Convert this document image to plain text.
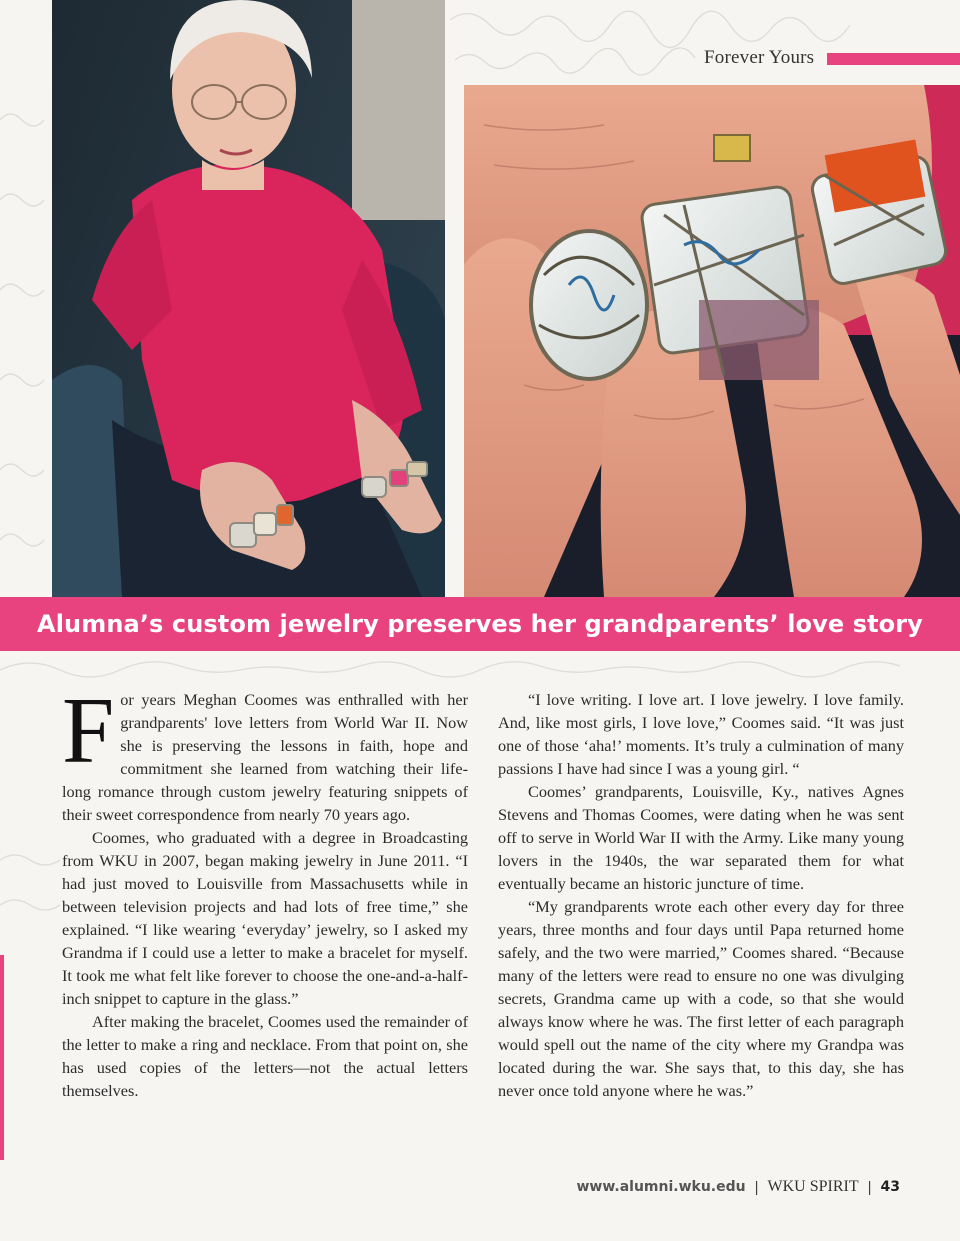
Forever Yours
Alumna’s custom jewelry preserves her grandparents’ love story

For years Meghan Coomes was enthralled with her grandparents' love letters from World War II. Now she is preserving the lessons in faith, hope and commitment she learned from watching their lifelong romance through custom jewelry featuring snippets of their sweet correspondence from nearly 70 years ago.

Coomes, who graduated with a degree in Broadcasting from WKU in 2007, began making jewelry in June 2011. “I had just moved to Louisville from Massachusetts while in between television projects and had lots of free time,” she explained. “I like wearing ‘everyday’ jewelry, so I asked my Grandma if I could use a letter to make a bracelet for myself. It took me what felt like forever to choose the one-and-a-half-inch snippet to capture in the glass.”

After making the bracelet, Coomes used the remainder of the letter to make a ring and necklace. From that point on, she has used copies of the letters—not the actual letters themselves.

“I love writing. I love art. I love jewelry. I love family. And, like most girls, I love love,” Coomes said. “It was just one of those ‘aha!’ moments. It’s truly a culmination of many passions I have had since I was a young girl. “

Coomes’ grandparents, Louisville, Ky., natives Agnes Stevens and Thomas Coomes, were dating when he was sent off to serve in World War II with the Army. Like many young lovers in the 1940s, the war separated them for what eventually became an historic juncture of time.

“My grandparents wrote each other every day for three years, three months and four days until Papa returned home safely, and the two were married,” Coomes shared. “Because many of the letters were read to ensure no one was divulging secrets, Grandma came up with a code, so that she would always know where he was. The first letter of each paragraph would spell out the name of the city where my Grandpa was located during the war. She says that, to this day, she has never once told anyone where he was.”

www.alumni.wku.edu | WKU SPIRIT | 43
